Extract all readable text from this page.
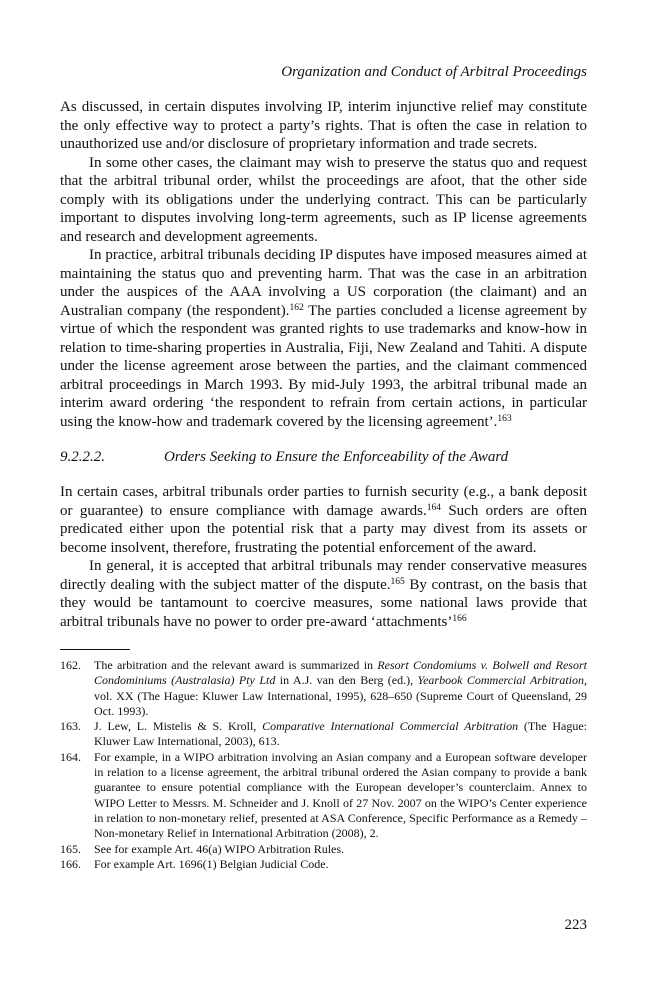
Organization and Conduct of Arbitral Proceedings

As discussed, in certain disputes involving IP, interim injunctive relief may constitute the only effective way to protect a party’s rights. That is often the case in relation to unauthorized use and/or disclosure of proprietary information and trade secrets.

In some other cases, the claimant may wish to preserve the status quo and request that the arbitral tribunal order, whilst the proceedings are afoot, that the other side comply with its obligations under the underlying contract. This can be particularly important to disputes involving long-term agreements, such as IP license agreements and research and development agreements.

In practice, arbitral tribunals deciding IP disputes have imposed measures aimed at maintaining the status quo and preventing harm. That was the case in an arbitration under the auspices of the AAA involving a US corporation (the claimant) and an Australian company (the respondent).$^{162}$ The parties concluded a license agreement by virtue of which the respondent was granted rights to use trademarks and know-how in relation to time-sharing properties in Australia, Fiji, New Zealand and Tahiti. A dispute under the license agreement arose between the parties, and the claimant commenced arbitral proceedings in March 1993. By mid-July 1993, the arbitral tribunal made an interim award ordering ‘the respondent to refrain from certain actions, in particular using the know-how and trademark covered by the licensing agreement’.$^{163}$

9.2.2.2.	Orders Seeking to Ensure the Enforceability of the Award

In certain cases, arbitral tribunals order parties to furnish security (e.g., a bank deposit or guarantee) to ensure compliance with damage awards.$^{164}$ Such orders are often predicated either upon the potential risk that a party may divest from its assets or become insolvent, therefore, frustrating the potential enforcement of the award.

In general, it is accepted that arbitral tribunals may render conservative measures directly dealing with the subject matter of the dispute.$^{165}$ By contrast, on the basis that they would be tantamount to coercive measures, some national laws provide that arbitral tribunals have no power to order pre-award ‘attachments’$^{166}$

162.	The arbitration and the relevant award is summarized in Resort Condomiums v. Bolwell and Resort Condominiums (Australasia) Pty Ltd in A.J. van den Berg (ed.), Yearbook Commercial Arbitration, vol. XX (The Hague: Kluwer Law International, 1995), 628–650 (Supreme Court of Queensland, 29 Oct. 1993).
163.	J. Lew, L. Mistelis & S. Kroll, Comparative International Commercial Arbitration (The Hague: Kluwer Law International, 2003), 613.
164.	For example, in a WIPO arbitration involving an Asian company and a European software developer in relation to a license agreement, the arbitral tribunal ordered the Asian company to provide a bank guarantee to ensure potential compliance with the European developer’s counterclaim. Annex to WIPO Letter to Messrs. M. Schneider and J. Knoll of 27 Nov. 2007 on the WIPO’s Center experience in relation to non-monetary relief, presented at ASA Conference, Specific Performance as a Remedy – Non-monetary Relief in International Arbitration (2008), 2.
165.	See for example Art. 46(a) WIPO Arbitration Rules.
166.	For example Art. 1696(1) Belgian Judicial Code.
223
